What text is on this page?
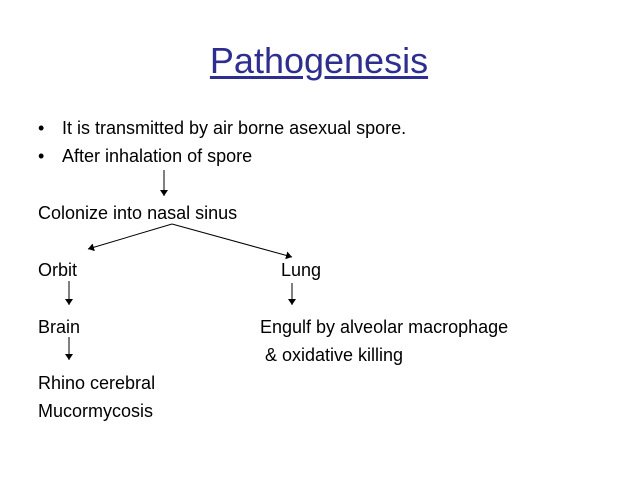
Pathogenesis
• It is transmitted by air borne asexual spore.
• After inhalation of spore
Colonize into nasal sinus
Orbit	Lung
Brain	Engulf by alveolar macrophage
& oxidative killing
Rhino cerebral
Mucormycosis
